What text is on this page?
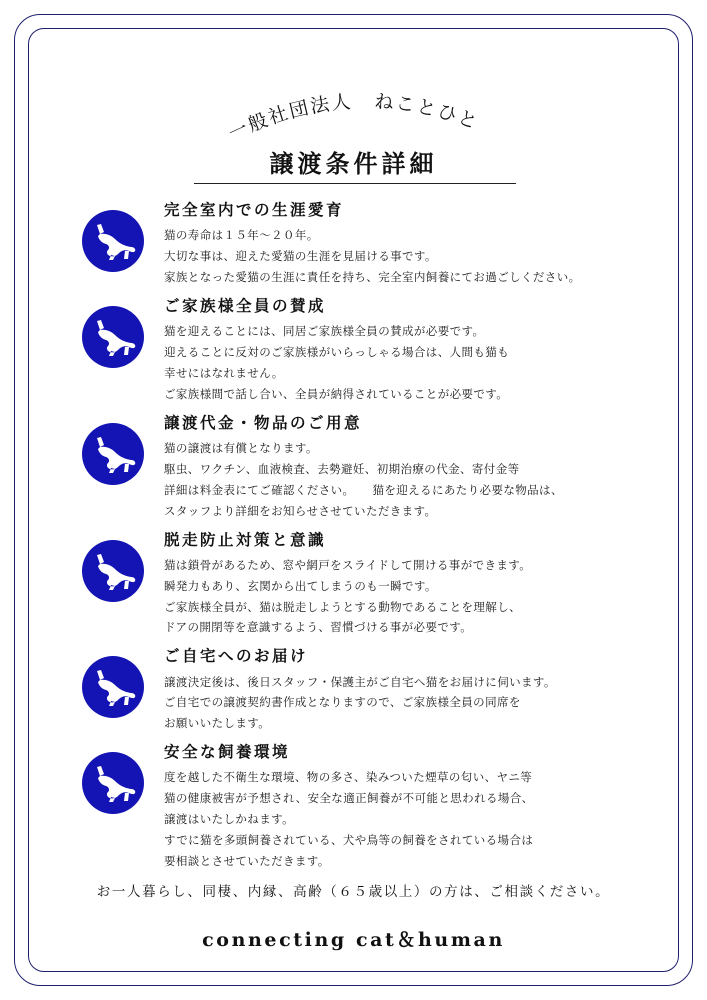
一般社団法人　ねことひと
譲渡条件詳細
完全室内での生涯愛育
猫の寿命は１５年〜２０年。
大切な事は、迎えた愛猫の生涯を見届ける事です。
家族となった愛猫の生涯に責任を持ち、完全室内飼養にてお過ごしください。
ご家族様全員の賛成
猫を迎えることには、同居ご家族様全員の賛成が必要です。
迎えることに反対のご家族様がいらっしゃる場合は、人間も猫も
幸せにはなれません。
ご家族様間で話し合い、全員が納得されていることが必要です。
譲渡代金・物品のご用意
猫の譲渡は有償となります。
駆虫、ワクチン、血液検査、去勢避妊、初期治療の代金、寄付金等
詳細は料金表にてご確認ください。　　猫を迎えるにあたり必要な物品は、
スタッフより詳細をお知らせさせていただきます。
脱走防止対策と意識
猫は鎖骨があるため、窓や網戸をスライドして開ける事ができます。
瞬発力もあり、玄関から出てしまうのも一瞬です。
ご家族様全員が、猫は脱走しようとする動物であることを理解し、
ドアの開閉等を意識するよう、習慣づける事が必要です。
ご自宅へのお届け
譲渡決定後は、後日スタッフ・保護主がご自宅へ猫をお届けに伺います。
ご自宅での譲渡契約書作成となりますので、ご家族様全員の同席を
お願いいたします。
安全な飼養環境
度を越した不衛生な環境、物の多さ、染みついた煙草の匂い、ヤニ等
猫の健康被害が予想され、安全な適正飼養が不可能と思われる場合、
譲渡はいたしかねます。
すでに猫を多頭飼養されている、犬や鳥等の飼養をされている場合は
要相談とさせていただきます。
お一人暮らし、同棲、内縁、高齢（６５歳以上）の方は、ご相談ください。
connecting cat＆human
